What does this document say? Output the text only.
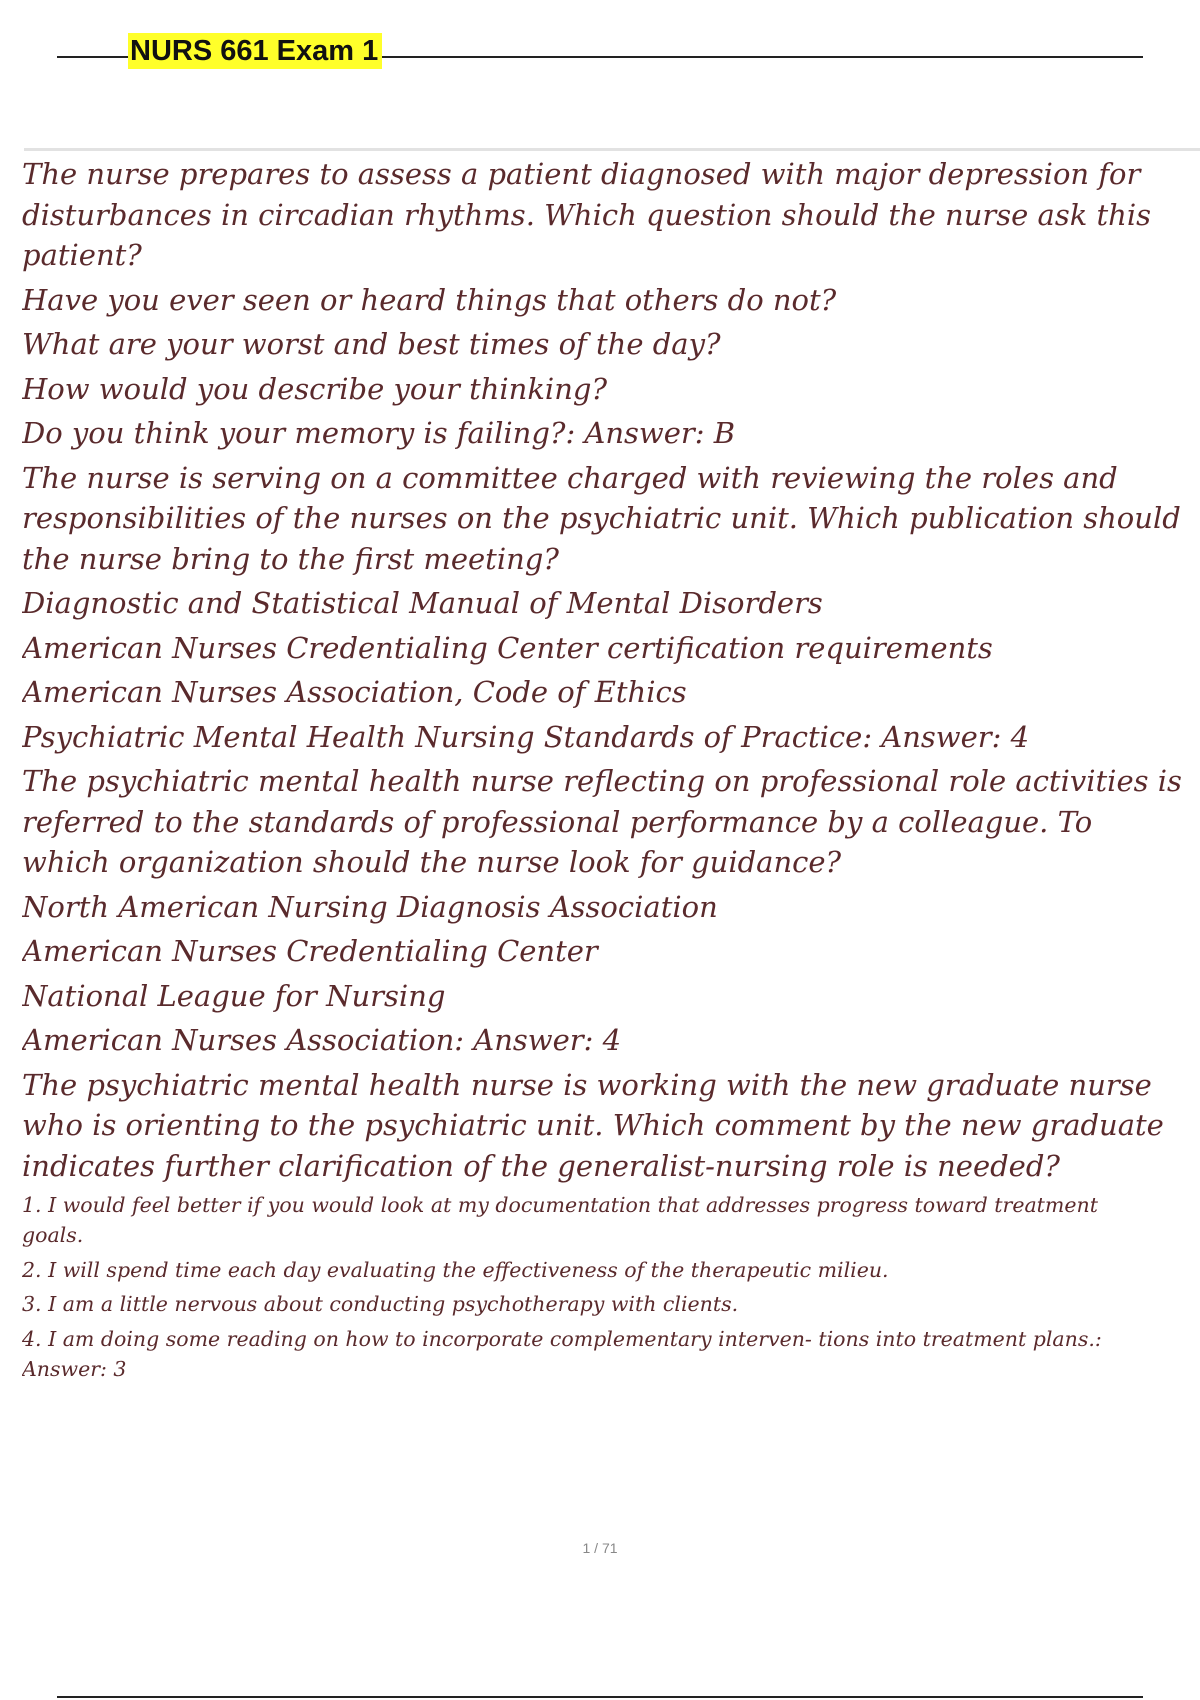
NURS 661 Exam 1

The nurse prepares to assess a patient diagnosed with major depression for

disturbances in circadian rhythms. Which question should the nurse ask this

patient?

Have you ever seen or heard things that others do not?

What are your worst and best times of the day?

How would you describe your thinking?

Do you think your memory is failing?: Answer: B

The nurse is serving on a committee charged with reviewing the roles and

responsibilities of the nurses on the psychiatric unit. Which publication should

the nurse bring to the first meeting?

Diagnostic and Statistical Manual of Mental Disorders

American Nurses Credentialing Center certification requirements

American Nurses Association, Code of Ethics

Psychiatric Mental Health Nursing Standards of Practice: Answer: 4

The psychiatric mental health nurse reflecting on professional role activities is

referred to the standards of professional performance by a colleague. To

which organization should the nurse look for guidance?

North American Nursing Diagnosis Association

American Nurses Credentialing Center

National League for Nursing

American Nurses Association: Answer: 4

The psychiatric mental health nurse is working with the new graduate nurse

who is orienting to the psychiatric unit. Which comment by the new graduate

indicates further clarification of the generalist-nursing role is needed?

1. I would feel better if you would look at my documentation that addresses progress toward treatment

goals.

2. I will spend time each day evaluating the effectiveness of the therapeutic milieu.

3. I am a little nervous about conducting psychotherapy with clients.

4. I am doing some reading on how to incorporate complementary interven- tions into treatment plans.:

Answer: 3

1 / 71
